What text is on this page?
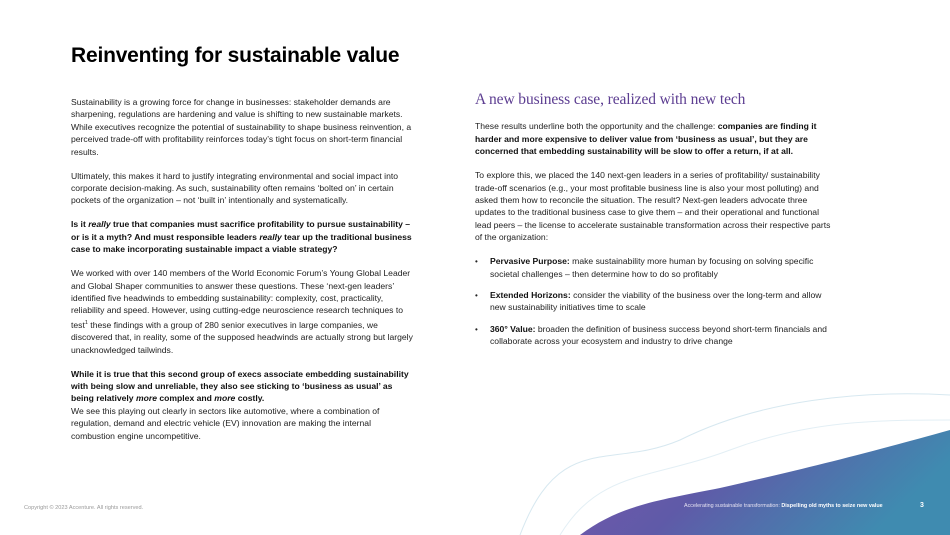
Reinventing for sustainable value

Sustainability is a growing force for change in businesses: stakeholder demands are sharpening, regulations are hardening and value is shifting to new sustainable markets. While executives recognize the potential of sustainability to shape business reinvention, a perceived trade-off with profitability reinforces today’s tight focus on short-term financial results.

Ultimately, this makes it hard to justify integrating environmental and social impact into corporate decision-making. As such, sustainability often remains ‘bolted on’ in certain pockets of the organization – not ‘built in’ intentionally and systematically.

Is it really true that companies must sacrifice profitability to pursue sustainability – or is it a myth? And must responsible leaders really tear up the traditional business case to make incorporating sustainable impact a viable strategy?

We worked with over 140 members of the World Economic Forum’s Young Global Leader and Global Shaper communities to answer these questions. These ‘next-gen leaders’ identified five headwinds to embedding sustainability: complexity, cost, practicality, reliability and speed. However, using cutting-edge neuroscience research techniques to test$^1$ these findings with a group of 280 senior executives in large companies, we discovered that, in reality, some of the supposed headwinds are actually strong but largely unacknowledged tailwinds.

While it is true that this second group of execs associate embedding sustainability with being slow and unreliable, they also see sticking to ‘business as usual’ as being relatively more complex and more costly.
We see this playing out clearly in sectors like automotive, where a combination of regulation, demand and electric vehicle (EV) innovation are making the internal combustion engine uncompetitive.

A new business case, realized with new tech

These results underline both the opportunity and the challenge: companies are finding it harder and more expensive to deliver value from ‘business as usual’, but they are concerned that embedding sustainability will be slow to offer a return, if at all.

To explore this, we placed the 140 next-gen leaders in a series of profitability/ sustainability trade-off scenarios (e.g., your most profitable business line is also your most polluting) and asked them how to reconcile the situation. The result? Next-gen leaders advocate three updates to the traditional business case to give them – and their operational and functional lead peers – the license to accelerate sustainable transformation across their respective parts of the organization:

• Pervasive Purpose: make sustainability more human by focusing on solving specific societal challenges – then determine how to do so profitably
• Extended Horizons: consider the viability of the business over the long-term and allow new sustainability initiatives time to scale
• 360° Value: broaden the definition of business success beyond short-term financials and collaborate across your ecosystem and industry to drive change
Copyright © 2023 Accenture. All rights reserved.	Accelerating sustainable transformation: Dispelling old myths to seize new value	3
